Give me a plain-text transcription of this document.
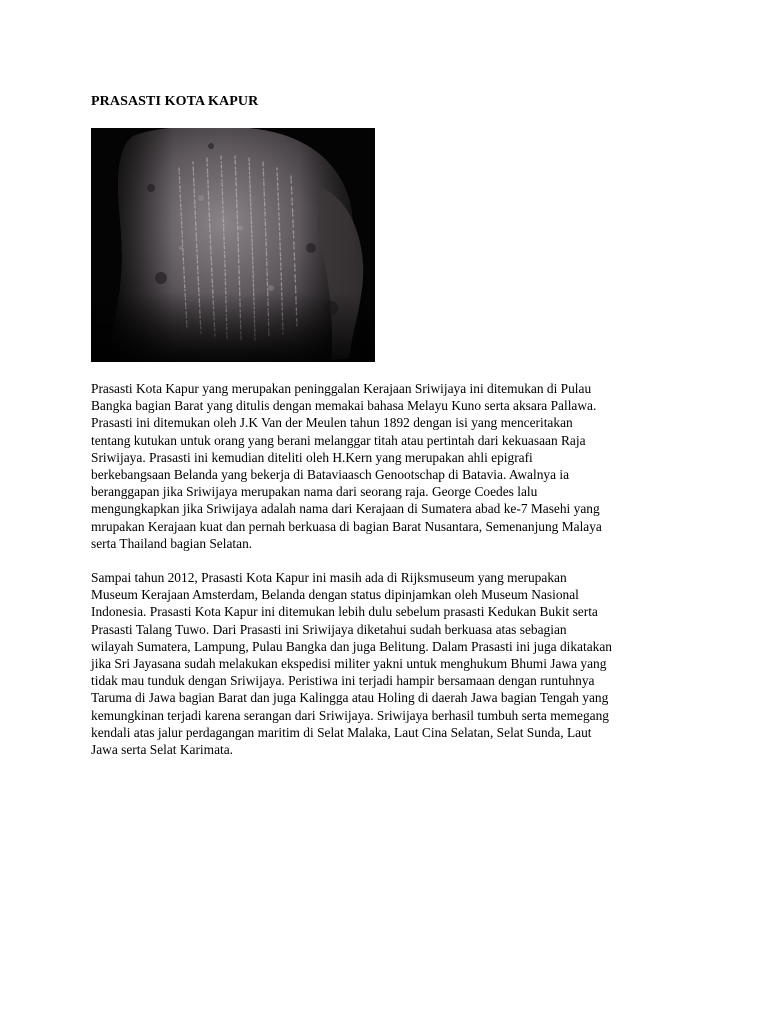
PRASASTI KOTA KAPUR

Prasasti Kota Kapur yang merupakan peninggalan Kerajaan Sriwijaya ini ditemukan di Pulau
Bangka bagian Barat yang ditulis dengan memakai bahasa Melayu Kuno serta aksara Pallawa.
Prasasti ini ditemukan oleh J.K Van der Meulen tahun 1892 dengan isi yang menceritakan
tentang kutukan untuk orang yang berani melanggar titah atau pertintah dari kekuasaan Raja
Sriwijaya. Prasasti ini kemudian diteliti oleh H.Kern yang merupakan ahli epigrafi
berkebangsaan Belanda yang bekerja di Bataviaasch Genootschap di Batavia. Awalnya ia
beranggapan jika Sriwijaya merupakan nama dari seorang raja. George Coedes lalu
mengungkapkan jika Sriwijaya adalah nama dari Kerajaan di Sumatera abad ke-7 Masehi yang
mrupakan Kerajaan kuat dan pernah berkuasa di bagian Barat Nusantara, Semenanjung Malaya
serta Thailand bagian Selatan.

Sampai tahun 2012, Prasasti Kota Kapur ini masih ada di Rijksmuseum yang merupakan
Museum Kerajaan Amsterdam, Belanda dengan status dipinjamkan oleh Museum Nasional
Indonesia. Prasasti Kota Kapur ini ditemukan lebih dulu sebelum prasasti Kedukan Bukit serta
Prasasti Talang Tuwo. Dari Prasasti ini Sriwijaya diketahui sudah berkuasa atas sebagian
wilayah Sumatera, Lampung, Pulau Bangka dan juga Belitung. Dalam Prasasti ini juga dikatakan
jika Sri Jayasana sudah melakukan ekspedisi militer yakni untuk menghukum Bhumi Jawa yang
tidak mau tunduk dengan Sriwijaya. Peristiwa ini terjadi hampir bersamaan dengan runtuhnya
Taruma di Jawa bagian Barat dan juga Kalingga atau Holing di daerah Jawa bagian Tengah yang
kemungkinan terjadi karena serangan dari Sriwijaya. Sriwijaya berhasil tumbuh serta memegang
kendali atas jalur perdagangan maritim di Selat Malaka, Laut Cina Selatan, Selat Sunda, Laut
Jawa serta Selat Karimata.
